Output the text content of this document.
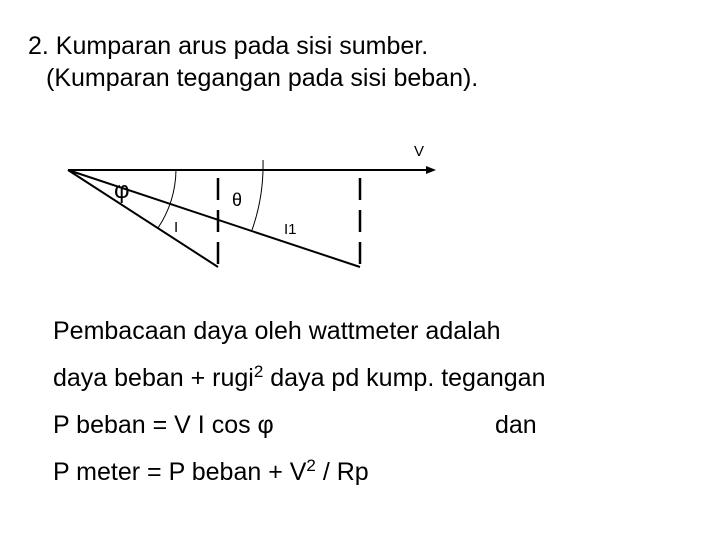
2. Kumparan arus pada sisi sumber.
(Kumparan tegangan pada sisi beban).
V
φ	θ
I	I1
Pembacaan daya oleh wattmeter adalah
daya beban + rugi$^2$ daya pd kump. tegangan
P beban = V I cos φ	dan
P meter = P beban + $V^2$ / Rp
